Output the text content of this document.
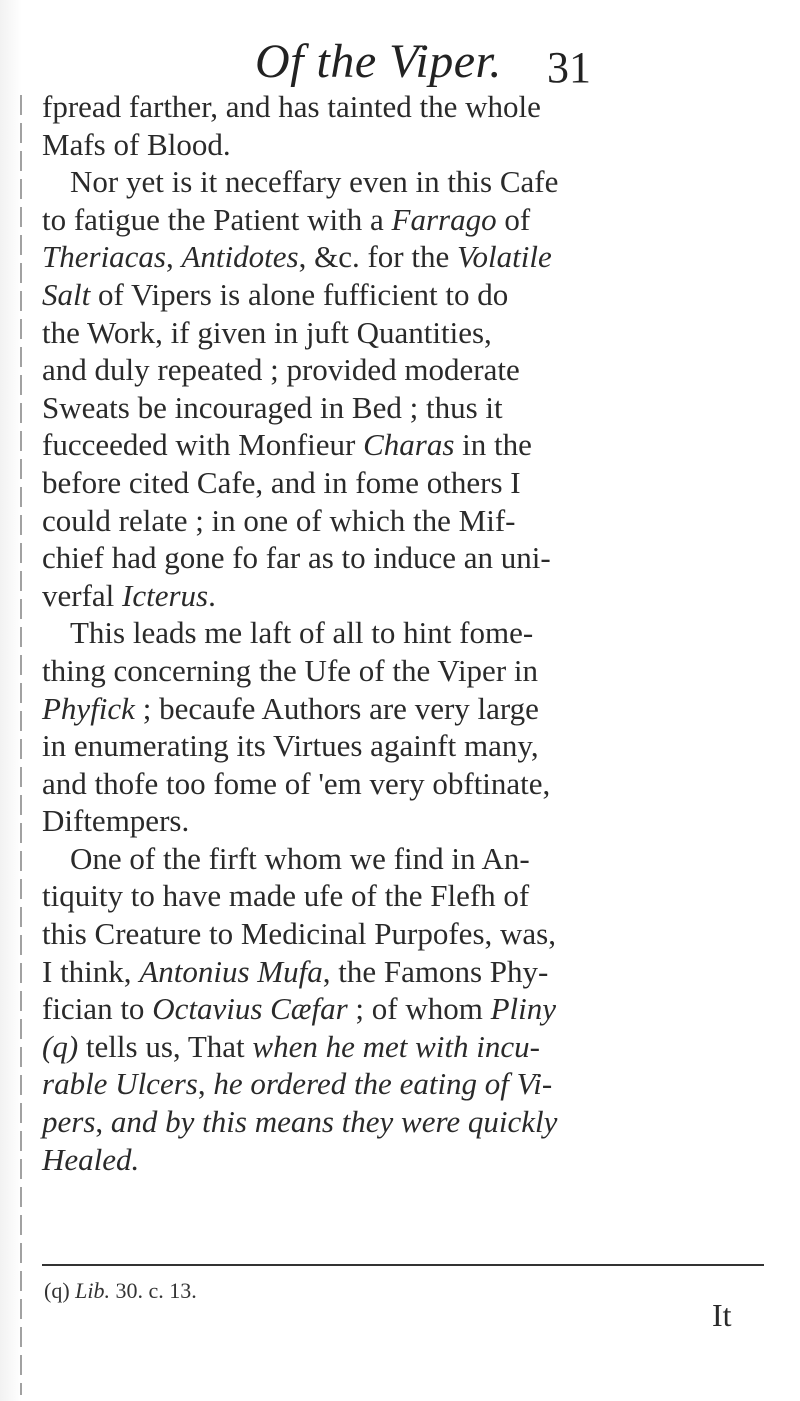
Of the Viper. 31
fpread farther, and has tainted the whole
Mafs of Blood.
Nor yet is it neceffary even in this Cafe
to fatigue the Patient with a Farrago of
Theriacas, Antidotes, &c. for the Volatile
Salt of Vipers is alone fufficient to do
the Work, if given in juft Quantities,
and duly repeated ; provided moderate
Sweats be incouraged in Bed ; thus it
fucceeded with Monfieur Charas in the
before cited Cafe, and in fome others I
could relate ; in one of which the Mif-
chief had gone fo far as to induce an uni-
verfal Icterus.
This leads me laft of all to hint fome-
thing concerning the Ufe of the Viper in
Phyfick ; becaufe Authors are very large
in enumerating its Virtues againft many,
and thofe too fome of 'em very obftinate,
Diftempers.
One of the firft whom we find in An-
tiquity to have made ufe of the Flefh of
this Creature to Medicinal Purpofes, was,
I think, Antonius Mufa, the Famons Phy-
fician to Octavius Cæfar ; of whom Pliny
(q) tells us, That when he met with incu-
rable Ulcers, he ordered the eating of Vi-
pers, and by this means they were quickly
Healed.
(q) Lib. 30. c. 13.
It
